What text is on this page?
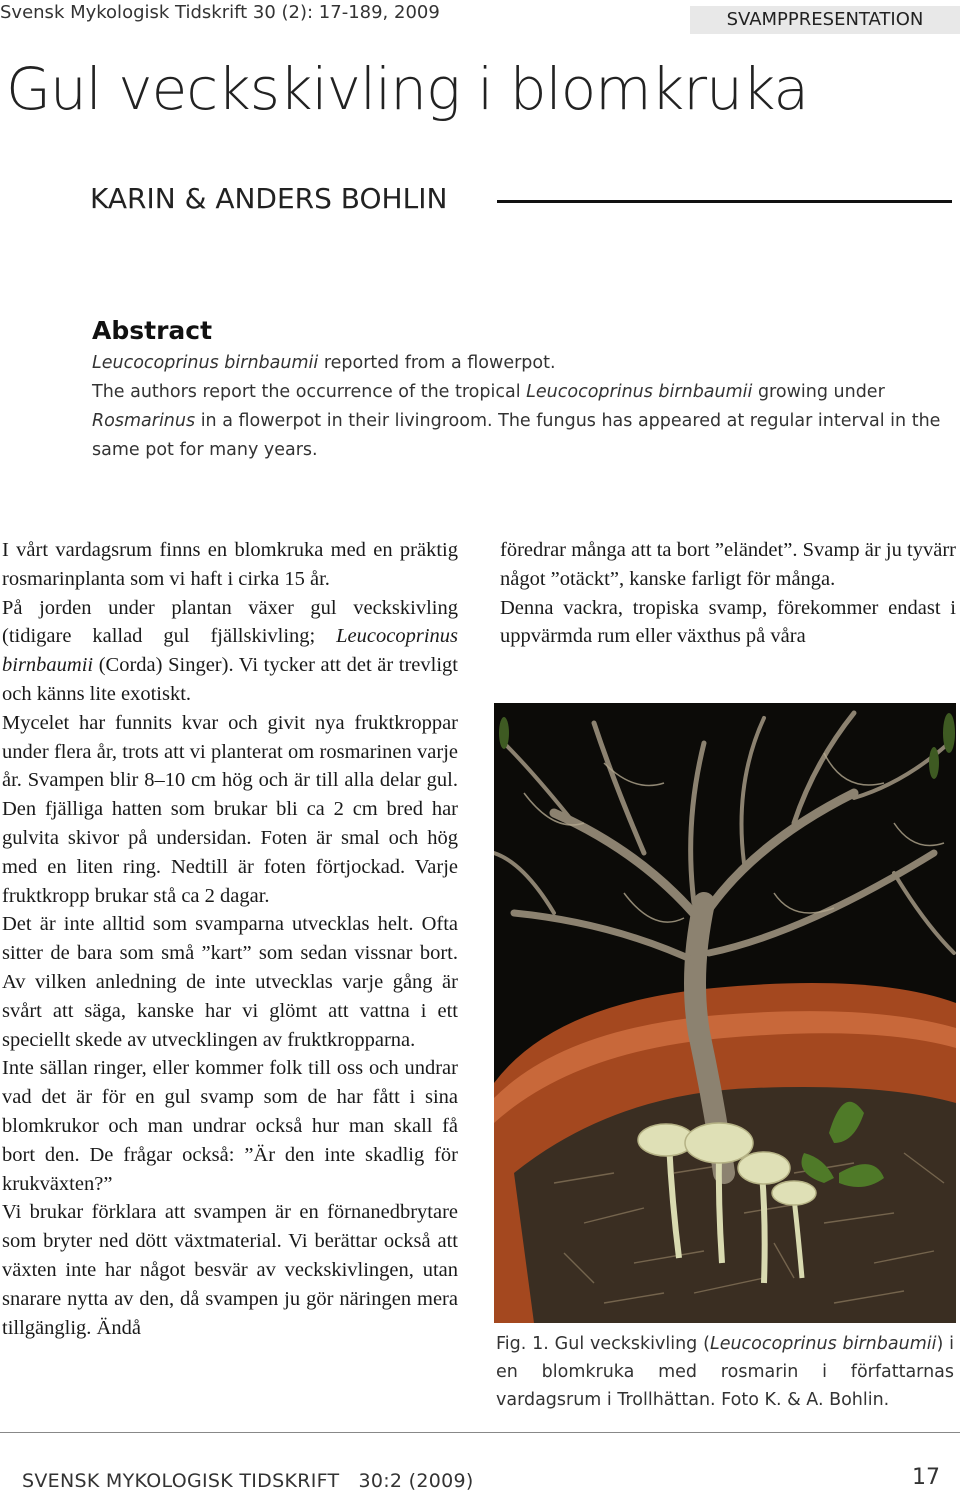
Svensk Mykologisk Tidskrift 30 (2): 17-189, 2009	SVAMPPRESENTATION
Gul veckskivling i blomkruka
KARIN & ANDERS BOHLIN
Abstract

Leucocoprinus birnbaumii reported from a flowerpot.

The authors report the occurrence of the tropical Leucocoprinus birnbaumii growing under Rosmarinus in a flowerpot in their livingroom. The fungus has appeared at regular interval in the same pot for many years.

I vårt vardagsrum finns en blomkruka med en präktig rosmarinplanta som vi haft i cirka 15 år.

På jorden under plantan växer gul veckskivling (tidigare kallad gul fjällskivling; Leucocoprinus birnbaumii (Corda) Singer). Vi tycker att det är trevligt och känns lite exotiskt.

Mycelet har funnits kvar och givit nya fruktkroppar under flera år, trots att vi planterat om rosmarinen varje år. Svampen blir 8–10 cm hög och är till alla delar gul. Den fjälliga hatten som brukar bli ca 2 cm bred har gulvita skivor på undersidan. Foten är smal och hög med en liten ring. Nedtill är foten förtjockad. Varje fruktkropp brukar stå ca 2 dagar.

Det är inte alltid som svamparna utvecklas helt. Ofta sitter de bara som små ”kart” som sedan vissnar bort. Av vilken anledning de inte utvecklas varje gång är svårt att säga, kanske har vi glömt att vattna i ett speciellt skede av utvecklingen av fruktkropparna.

Inte sällan ringer, eller kommer folk till oss och undrar vad det är för en gul svamp som de har fått i sina blomkrukor och man undrar också hur man skall få bort den. De frågar också: ”Är den inte skadlig för krukväxten?”

Vi brukar förklara att svampen är en förnanedbrytare som bryter ned dött växtmaterial. Vi berättar också att växten inte har något besvär av veckskivlingen, utan snarare nytta av den, då svampen ju gör näringen mera tillgänglig. Ändå

föredrar många att ta bort ”eländet”. Svamp är ju tyvärr något ”otäckt”, kanske farligt för många.

Denna vackra, tropiska svamp, förekommer endast i uppvärmda rum eller växthus på våra

Fig. 1. Gul veckskivling (Leucocoprinus birnbaumii) i en blomkruka med rosmarin i författarnas vardagsrum i Trollhättan. Foto K. & A. Bohlin.
SVENSK MYKOLOGISK TIDSKRIFT   30:2 (2009)	17
